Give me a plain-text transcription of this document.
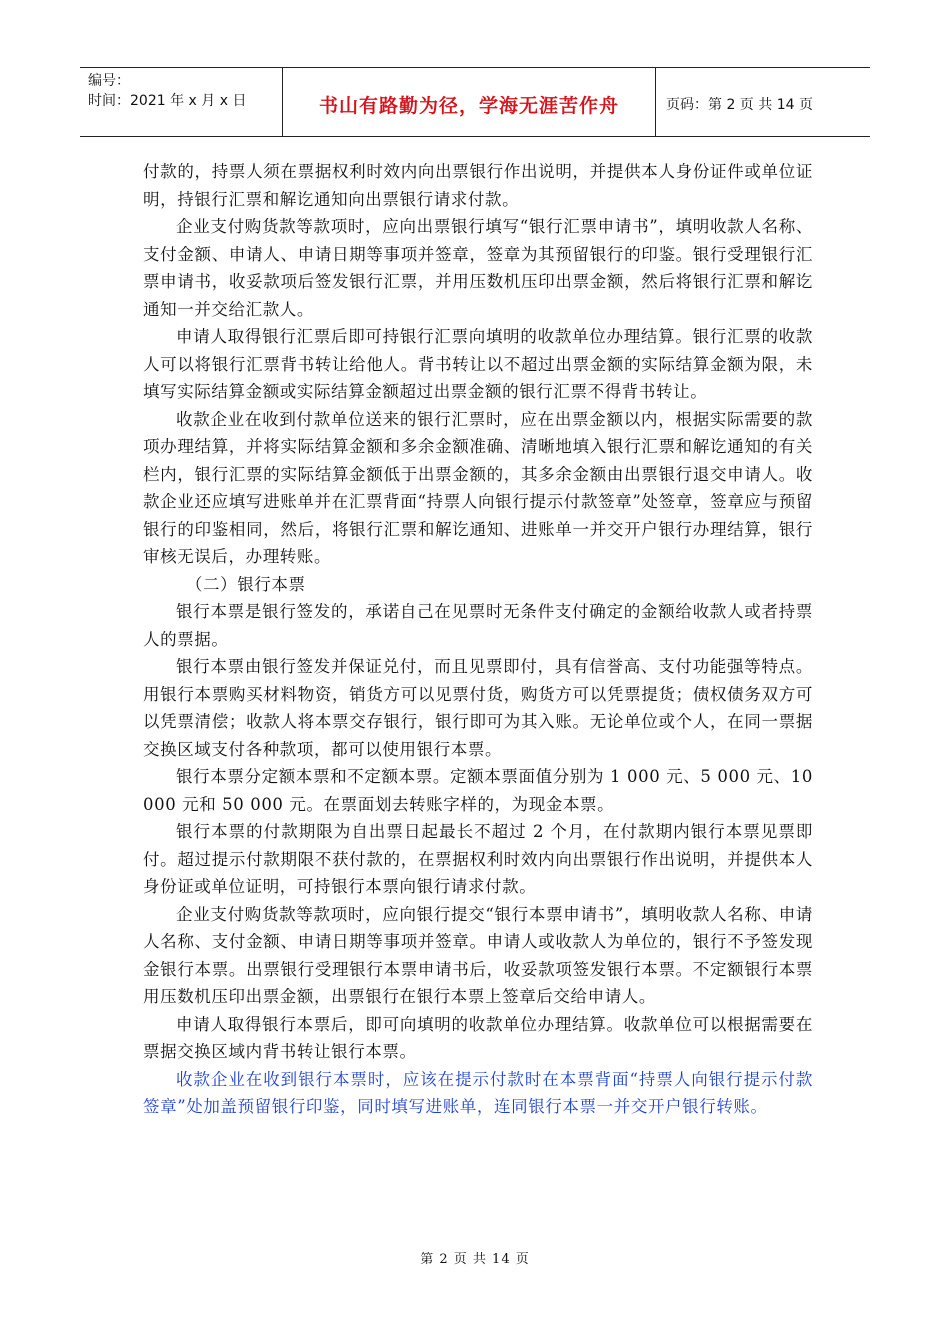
编号：
时间：2021 年 x 月 x 日	书山有路勤为径，学海无涯苦作舟	页码：第 2 页 共 14 页

付款的，持票人须在票据权利时效内向出票银行作出说明，并提供本人身份证件或单位证明，持银行汇票和解讫通知向出票银行请求付款。

企业支付购货款等款项时，应向出票银行填写“银行汇票申请书”，填明收款人名称、支付金额、申请人、申请日期等事项并签章，签章为其预留银行的印鉴。银行受理银行汇票申请书，收妥款项后签发银行汇票，并用压数机压印出票金额，然后将银行汇票和解讫通知一并交给汇款人。

申请人取得银行汇票后即可持银行汇票向填明的收款单位办理结算。银行汇票的收款人可以将银行汇票背书转让给他人。背书转让以不超过出票金额的实际结算金额为限，未填写实际结算金额或实际结算金额超过出票金额的银行汇票不得背书转让。

收款企业在收到付款单位送来的银行汇票时，应在出票金额以内，根据实际需要的款项办理结算，并将实际结算金额和多余金额准确、清晰地填入银行汇票和解讫通知的有关栏内，银行汇票的实际结算金额低于出票金额的，其多余金额由出票银行退交申请人。收款企业还应填写进账单并在汇票背面“持票人向银行提示付款签章”处签章，签章应与预留银行的印鉴相同，然后，将银行汇票和解讫通知、进账单一并交开户银行办理结算，银行审核无误后，办理转账。

（二）银行本票

银行本票是银行签发的，承诺自己在见票时无条件支付确定的金额给收款人或者持票人的票据。

银行本票由银行签发并保证兑付，而且见票即付，具有信誉高、支付功能强等特点。用银行本票购买材料物资，销货方可以见票付货，购货方可以凭票提货；债权债务双方可以凭票清偿；收款人将本票交存银行，银行即可为其入账。无论单位或个人，在同一票据交换区域支付各种款项，都可以使用银行本票。

银行本票分定额本票和不定额本票。定额本票面值分别为 1 000 元、5 000 元、10 000 元和 50 000 元。在票面划去转账字样的，为现金本票。

银行本票的付款期限为自出票日起最长不超过 2 个月，在付款期内银行本票见票即付。超过提示付款期限不获付款的，在票据权利时效内向出票银行作出说明，并提供本人身份证或单位证明，可持银行本票向银行请求付款。

企业支付购货款等款项时，应向银行提交“银行本票申请书”，填明收款人名称、申请人名称、支付金额、申请日期等事项并签章。申请人或收款人为单位的，银行不予签发现金银行本票。出票银行受理银行本票申请书后，收妥款项签发银行本票。不定额银行本票用压数机压印出票金额，出票银行在银行本票上签章后交给申请人。

申请人取得银行本票后，即可向填明的收款单位办理结算。收款单位可以根据需要在票据交换区域内背书转让银行本票。

收款企业在收到银行本票时，应该在提示付款时在本票背面“持票人向银行提示付款签章”处加盖预留银行印鉴，同时填写进账单，连同银行本票一并交开户银行转账。

第 2 页 共 14 页
